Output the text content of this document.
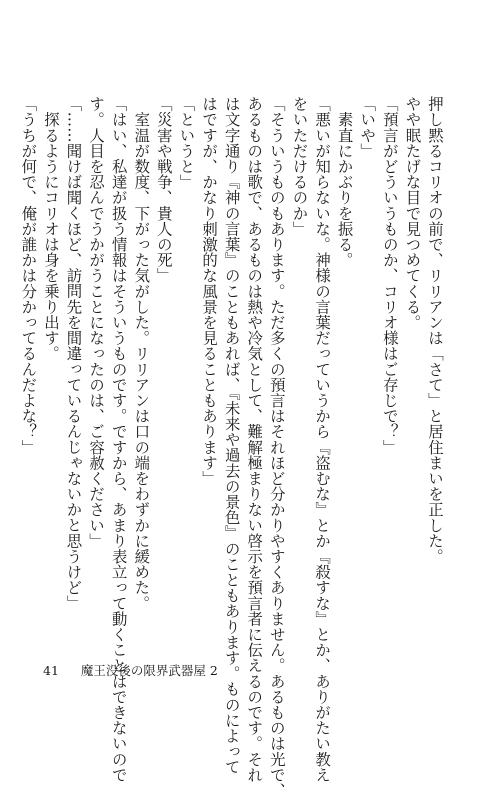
押し黙るコリオの前で、リリアンは「さて」と居住まいを正した。

やや眠たげな目で見つめてくる。

「預言がどういうものか、コリオ様はご存じで？」

「いや」

　素直にかぶりを振る。

「悪いが知らないな。神様の言葉だっていうから『盗むな』とか『殺すな』とか、ありがたい教え

をいただけるのか」

「そういうものもあります。ただ多くの預言はそれほど分かりやすくありません。あるものは光で、

あるものは歌で、あるものは熱や冷気として、難解極まりない啓示を預言者に伝えるのです。それ

は文字通り『神の言葉』のこともあれば、『未来や過去の景色』のこともあります。ものによって

はですが、かなり刺激的な風景を見ることもあります」

「というと」

「災害や戦争、貴人の死」

　室温が数度、下がった気がした。リリアンは口の端をわずかに緩めた。

「はい、私達が扱う情報はそういうものです。ですから、あまり表立って動くことはできないので

す。人目を忍んでうかがうことになったのは、ご容赦ください」

「……聞けば聞くほど、訪問先を間違っているんじゃないかと思うけど」

　探るようにコリオは身を乗り出す。

「うちが何で、俺が誰かは分かってるんだよな？」

41 魔王没後の限界武器屋 2
